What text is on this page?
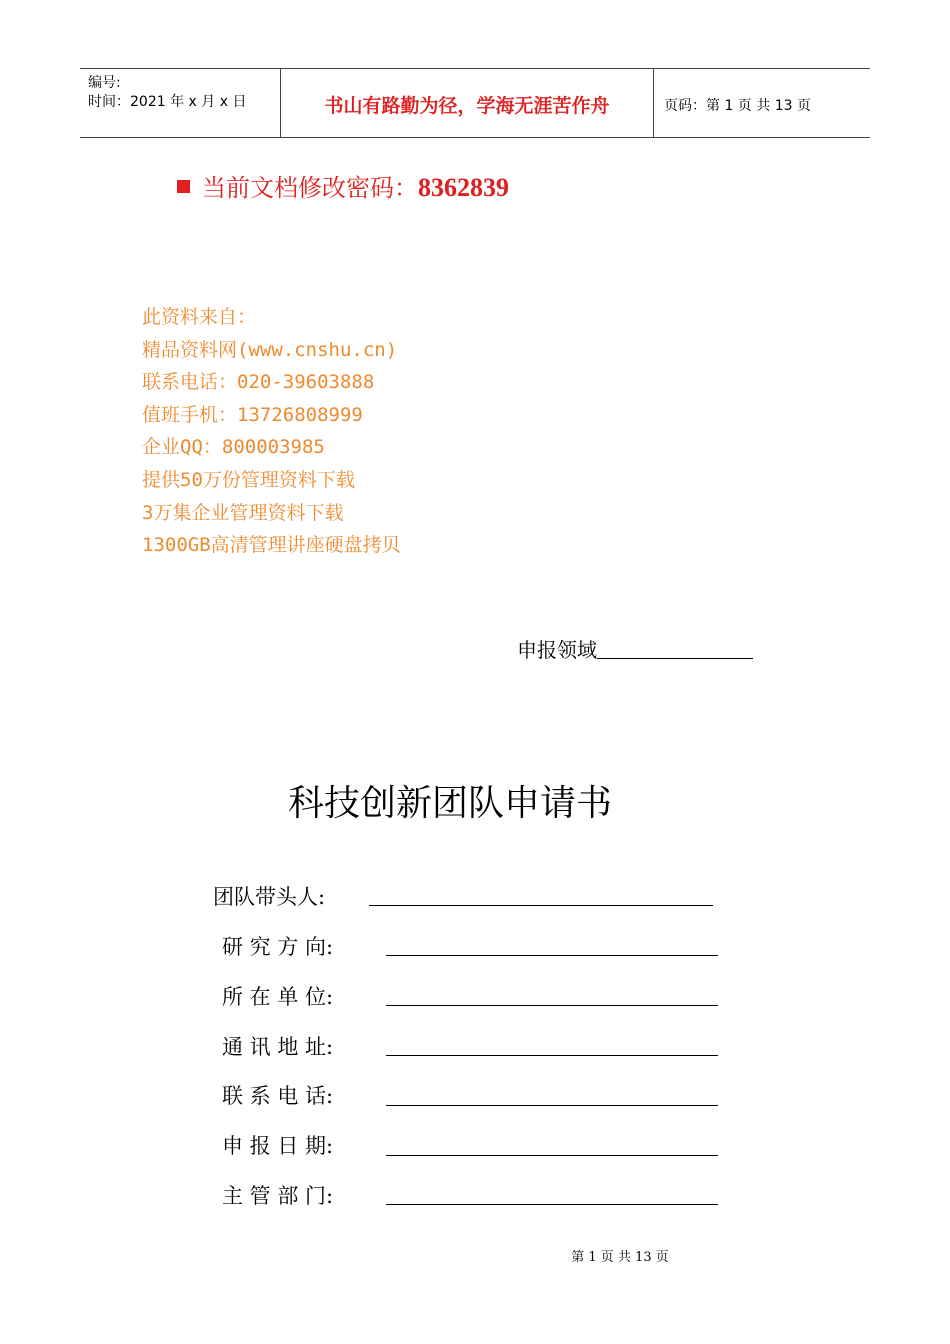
编号:
时间：2021 年 x 月 x 日	书山有路勤为径，学海无涯苦作舟	页码：第 1 页 共 13 页
当前文档修改密码：8362839
此资料来自：
精品资料网(www.cnshu.cn)
联系电话：020-39603888
值班手机：13726808999
企业QQ：800003985
提供50万份管理资料下载
3万集企业管理资料下载
1300GB高清管理讲座硬盘拷贝
申报领域
科技创新团队申请书
团队带头人:
研 究 方 向:
所 在 单 位:
通 讯 地 址:
联 系 电 话:
申 报 日 期:
主 管 部 门:
第 1 页 共 13 页
